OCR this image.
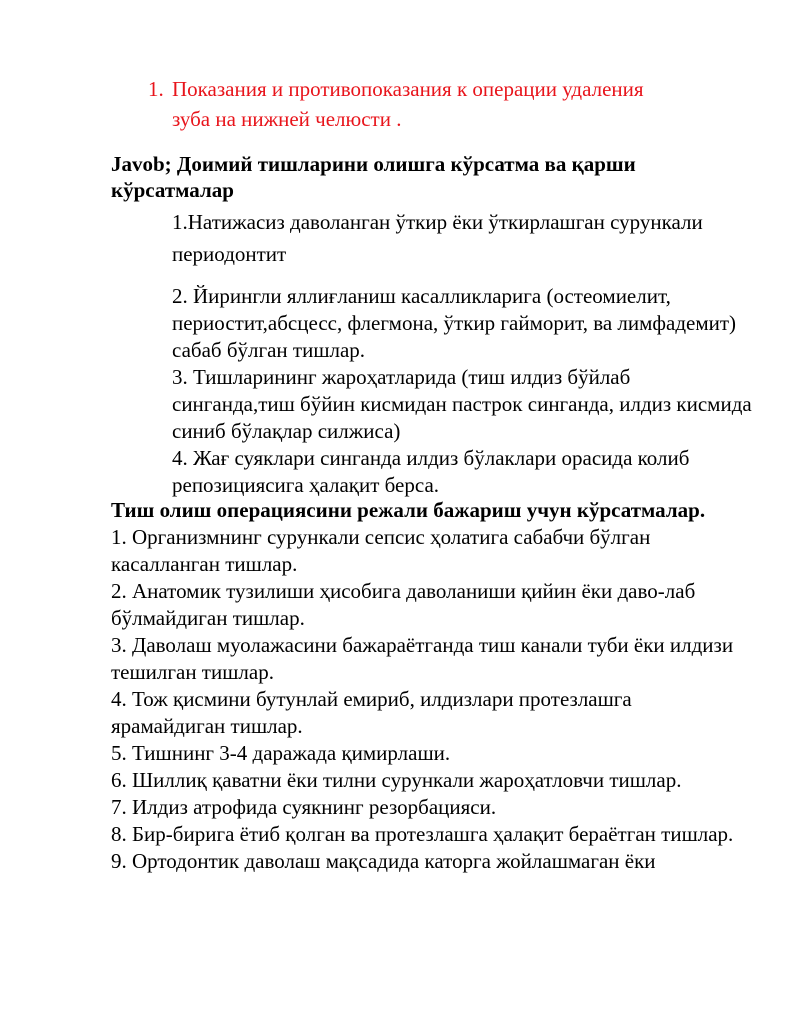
1. Показания и противопоказания к операции удаления
зуба на нижней челюсти .
Javob; Доимий тишларини олишга кўрсатма ва қарши кўрсатмалар

1.Натижасиз даволанган ўткир ёки ўткирлашган сурункали периодонтит

2. Йирингли яллиғланиш касалликларига (остеомиелит, периостит,абсцесс, флегмона, ўткир гайморит, ва лимфадемит) сабаб бўлган тишлар.

3. Тишларининг жароҳатларида (тиш илдиз бўйлаб синганда,тиш бўйин кисмидан пастрок синганда, илдиз кисмида синиб бўлақлар силжиса)

4. Жағ суяклари синганда илдиз бўлаклари орасида колиб репозициясига ҳалақит берса.

Тиш олиш операциясини режали бажариш учун кўрсатмалар.

1. Организмнинг сурункали сепсис ҳолатига сабабчи бўлган касалланган тишлар.

2. Анатомик тузилиши ҳисобига даволаниши қийин ёки даво-лаб бўлмайдиган тишлар.

3. Даволаш муолажасини бажараётганда тиш канали туби ёки илдизи тешилган тишлар.

4. Тож қисмини бутунлай емириб, илдизлари протезлашга ярамайдиган тишлар.

5. Тишнинг 3-4 даражада қимирлаши.

6. Шиллиқ қаватни ёки тилни сурункали жароҳатловчи тишлар.

7. Илдиз атрофида суякнинг резорбацияси.

8. Бир-бирига ётиб қолган ва протезлашга ҳалақит бераётган тишлар.

9. Ортодонтик даволаш мақсадида каторга жойлашмаган ёки
